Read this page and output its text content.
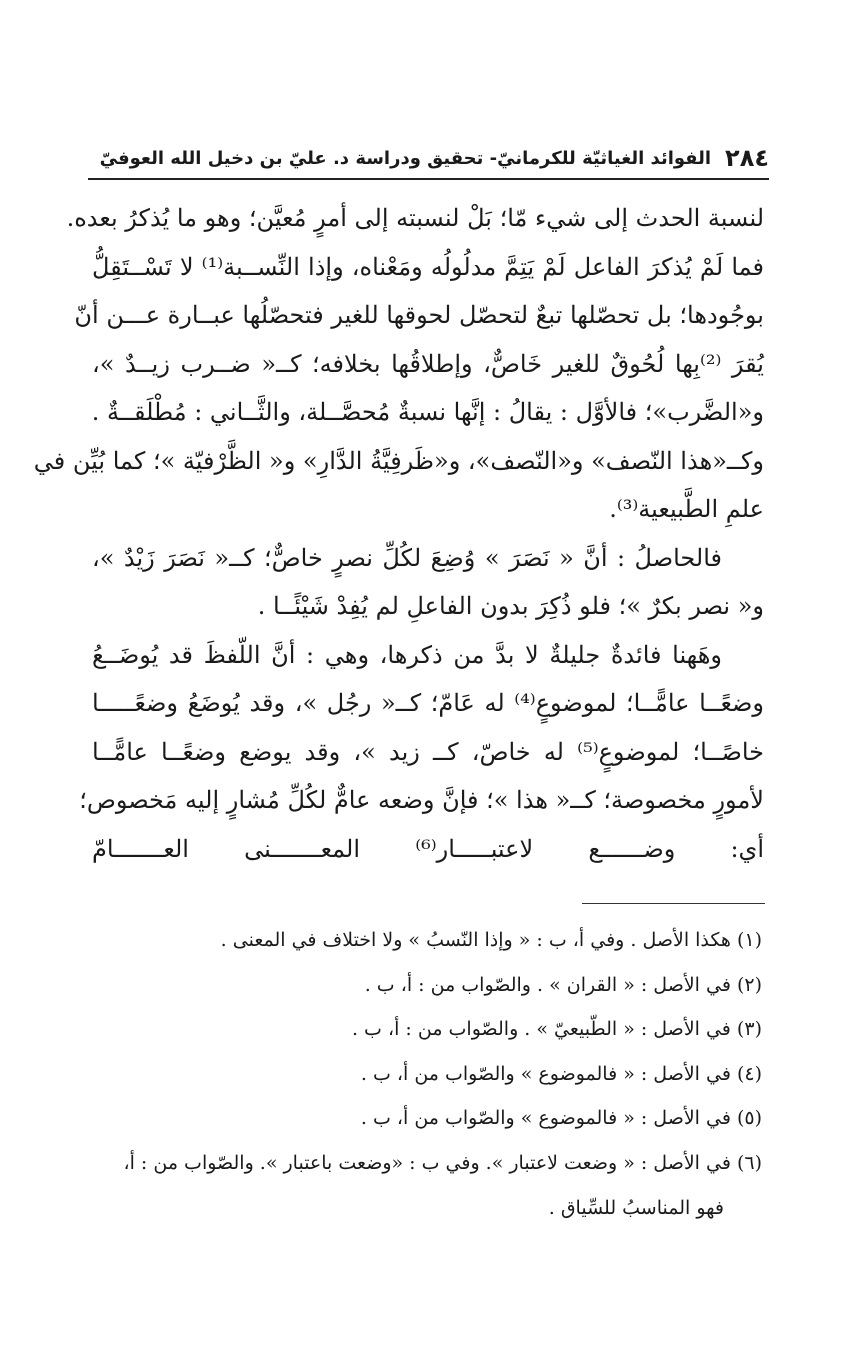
٢٨٤
الفوائد الغياثيّة للكرمانيّ- تحقيق ودراسة د. عليّ بن دخيل الله العوفيّ
لنسبة الحدث إلى شيء مّا؛ بَلْ لنسبته إلى أمرٍ مُعيَّن؛ وهو ما يُذكرُ بعده.
فما لَمْ يُذكرَ الفاعل لَمْ يَتِمَّ مدلُولُه ومَعْناه، وإذا النِّســبة⁽¹⁾ لا تَسْــتَقِلُّ
بوجُودها؛ بل تحصّلها تبعٌ لتحصّل لحوقها للغير فتحصّلُها عبــارة عـــن أنّ
يُقرَ ⁽²⁾بِها لُحُوقٌ للغير خَاصٌّ، وإطلاقُها بخلافه؛ كــ« ضــرب زيــدٌ »،
و«الضَّرب»؛ فالأوَّل : يقالُ : إنَّها نسبةٌ مُحصَّــلة، والثَّــاني : مُطْلَقــةٌ .
وكــ«هذا النّصف» و«النّصف»، و«ظَرفِيَّةُ الدَّارِ» و« الظَّرْفيّة »؛ كما بُيِّن في
علمِ الطَّبيعية⁽³⁾.
فالحاصلُ : أنَّ « نَصَرَ » وُضِعَ لكُلِّ نصرٍ خاصٌّ؛ كــ« نَصَرَ زَيْدٌ »،
و« نصر بكرٌ »؛ فلو ذُكِرَ بدون الفاعلِ لم يُفِدْ شَيْئًــا .
وهَهنا فائدةٌ جليلةٌ لا بدَّ من ذكرها، وهي : أنَّ اللّفظَ قد يُوضَــعُ
وضعًــا عامًّــا؛ لموضوعٍ⁽⁴⁾ له عَامّ؛ كــ« رجُل »، وقد يُوضَعُ وضعًـــــا
خاصًــا؛ لموضوعٍ⁽⁵⁾ له خاصّ، كــ زيد »، وقد يوضع وضعًــا عامًّــا
لأمورٍ مخصوصة؛ كــ« هذا »؛ فإنَّ وضعه عامٌّ لكُلِّ مُشارٍ إليه مَخصوص؛
أي: وضــــــع لاعتبـــــار⁽⁶⁾ المعـــــــنى العـــــــامّ
(١) هكذا الأصل . وفي أ، ب : « وإذا النّسبُ » ولا اختلاف في المعنى .
(٢) في الأصل : « القران » . والصّواب من : أ، ب .
(٣) في الأصل : « الطّبيعيّ » . والصّواب من : أ، ب .
(٤) في الأصل : « فالموضوع » والصّواب من أ، ب .
(٥) في الأصل : « فالموضوع » والصّواب من أ، ب .
(٦) في الأصل : « وضعت لاعتبار ». وفي ب : «وضعت باعتبار ». والصّواب من : أ،
فهو المناسبُ للسِّياق .
